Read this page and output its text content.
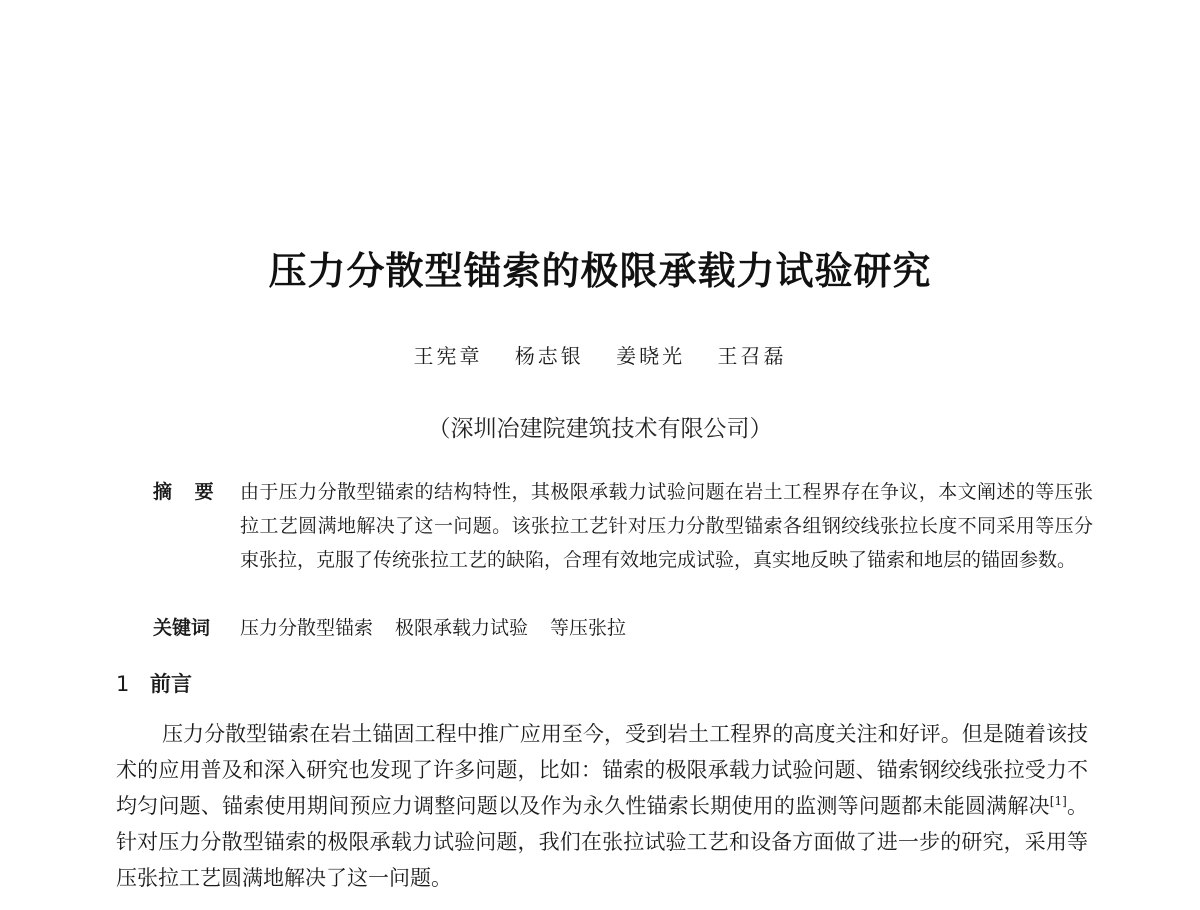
压力分散型锚索的极限承载力试验研究
王宪章 杨志银 姜晓光 王召磊
（深圳冶建院建筑技术有限公司）
摘 要 由于压力分散型锚索的结构特性，其极限承载力试验问题在岩土工程界存在争议，本文阐述的等压张拉工艺圆满地解决了这一问题。该张拉工艺针对压力分散型锚索各组钢绞线张拉长度不同采用等压分束张拉，克服了传统张拉工艺的缺陷，合理有效地完成试验，真实地反映了锚索和地层的锚固参数。
关键词 压力分散型锚索 极限承载力试验 等压张拉
1 前言
压力分散型锚索在岩土锚固工程中推广应用至今，受到岩土工程界的高度关注和好评。但是随着该技术的应用普及和深入研究也发现了许多问题，比如：锚索的极限承载力试验问题、锚索钢绞线张拉受力不均匀问题、锚索使用期间预应力调整问题以及作为永久性锚索长期使用的监测等问题都未能圆满解决[1]。针对压力分散型锚索的极限承载力试验问题，我们在张拉试验工艺和设备方面做了进一步的研究，采用等压张拉工艺圆满地解决了这一问题。
